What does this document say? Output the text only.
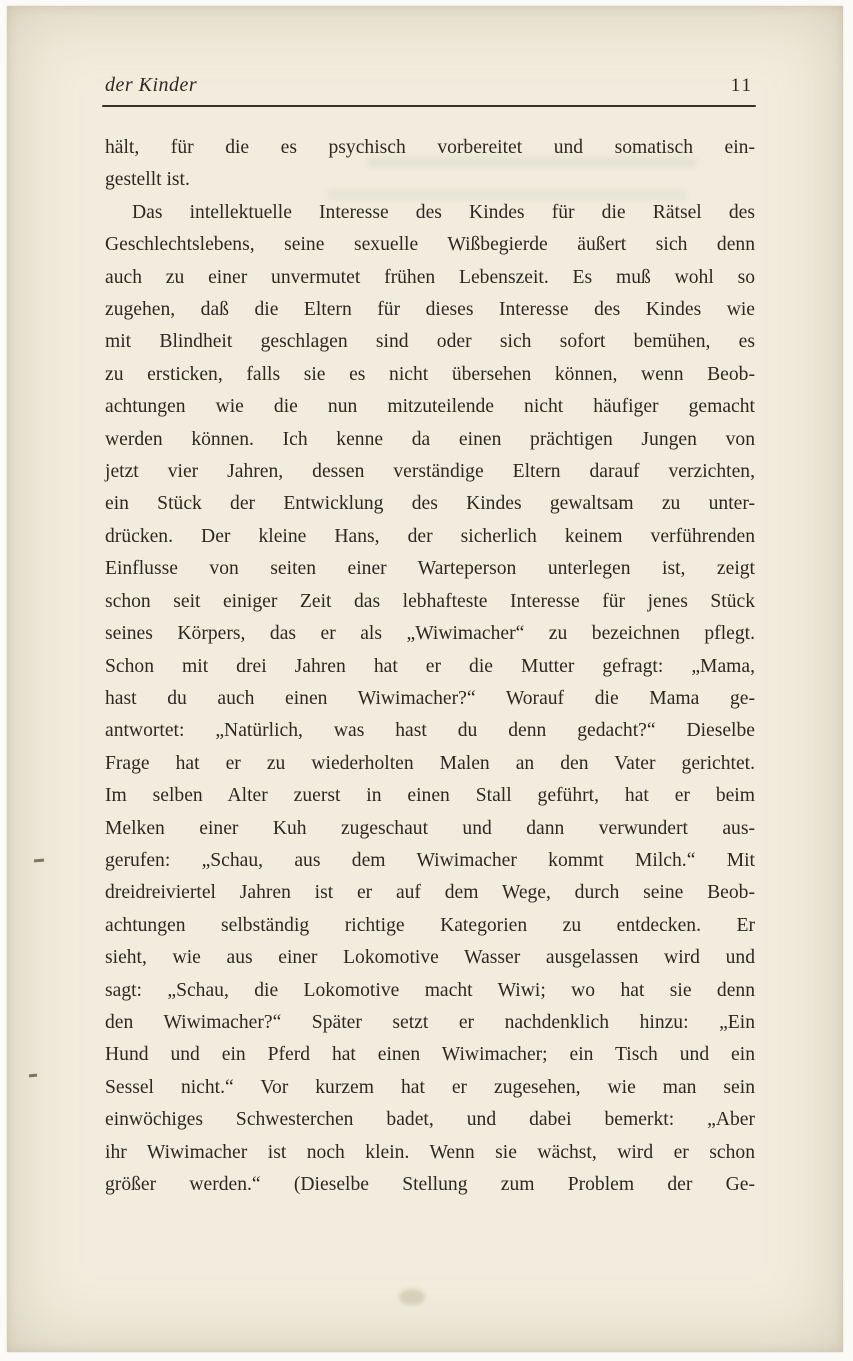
der Kinder	11
hält, für die es psychisch vorbereitet und somatisch ein-
gestellt ist.
Das intellektuelle Interesse des Kindes für die Rätsel des
Geschlechtslebens, seine sexuelle Wißbegierde äußert sich denn
auch zu einer unvermutet frühen Lebenszeit. Es muß wohl so
zugehen, daß die Eltern für dieses Interesse des Kindes wie
mit Blindheit geschlagen sind oder sich sofort bemühen, es
zu ersticken, falls sie es nicht übersehen können, wenn Beob-
achtungen wie die nun mitzuteilende nicht häufiger gemacht
werden können. Ich kenne da einen prächtigen Jungen von
jetzt vier Jahren, dessen verständige Eltern darauf verzichten,
ein Stück der Entwicklung des Kindes gewaltsam zu unter-
drücken. Der kleine Hans, der sicherlich keinem verführenden
Einflusse von seiten einer Warteperson unterlegen ist, zeigt
schon seit einiger Zeit das lebhafteste Interesse für jenes Stück
seines Körpers, das er als „Wiwimacher“ zu bezeichnen pflegt.
Schon mit drei Jahren hat er die Mutter gefragt: „Mama,
hast du auch einen Wiwimacher?“ Worauf die Mama ge-
antwortet: „Natürlich, was hast du denn gedacht?“ Dieselbe
Frage hat er zu wiederholten Malen an den Vater gerichtet.
Im selben Alter zuerst in einen Stall geführt, hat er beim
Melken einer Kuh zugeschaut und dann verwundert aus-
gerufen: „Schau, aus dem Wiwimacher kommt Milch.“ Mit
dreidreiviertel Jahren ist er auf dem Wege, durch seine Beob-
achtungen selbständig richtige Kategorien zu entdecken. Er
sieht, wie aus einer Lokomotive Wasser ausgelassen wird und
sagt: „Schau, die Lokomotive macht Wiwi; wo hat sie denn
den Wiwimacher?“ Später setzt er nachdenklich hinzu: „Ein
Hund und ein Pferd hat einen Wiwimacher; ein Tisch und ein
Sessel nicht.“ Vor kurzem hat er zugesehen, wie man sein
einwöchiges Schwesterchen badet, und dabei bemerkt: „Aber
ihr Wiwimacher ist noch klein. Wenn sie wächst, wird er schon
größer werden.“ (Dieselbe Stellung zum Problem der Ge-
